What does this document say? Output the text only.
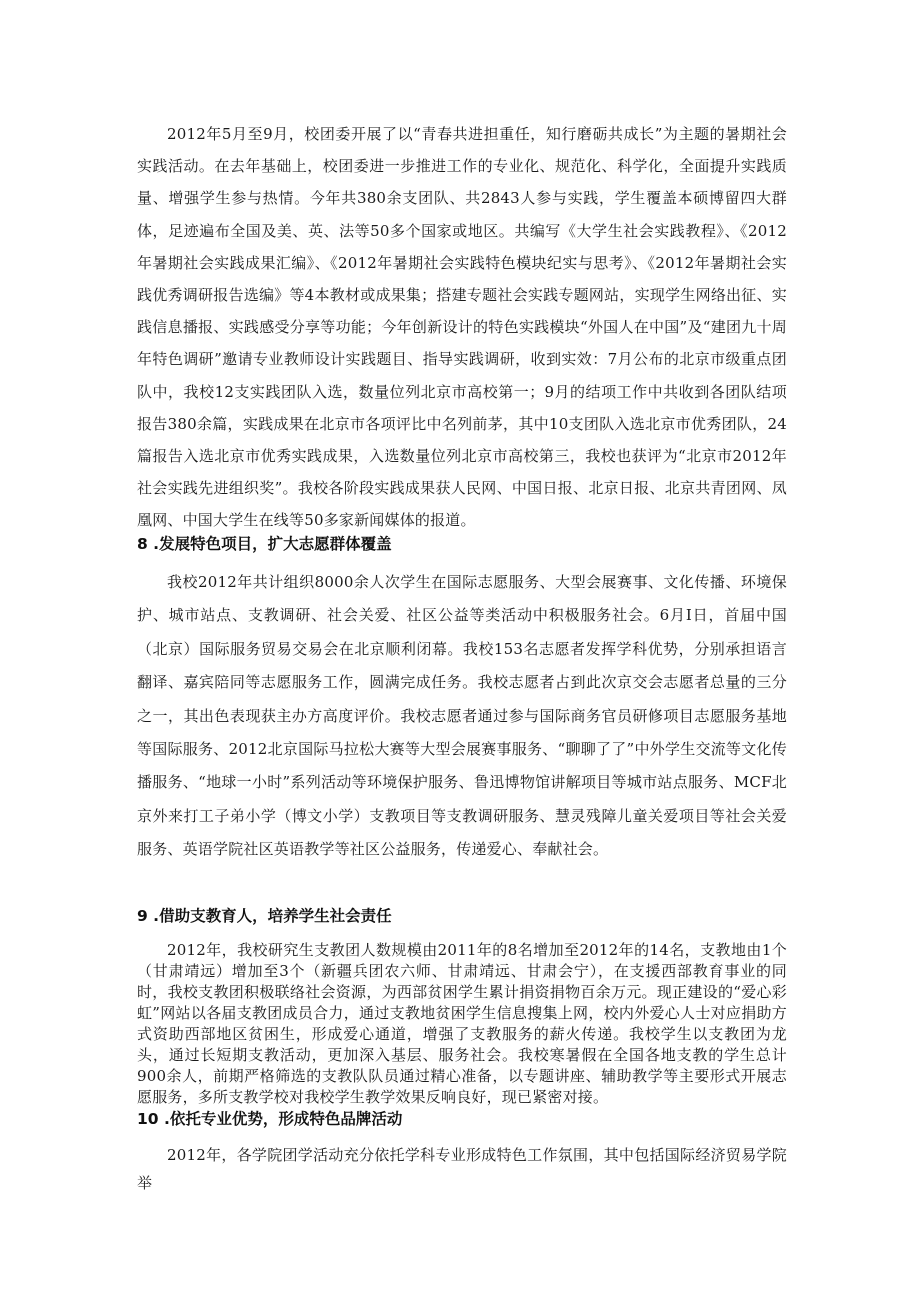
2012年5月至9月，校团委开展了以“青春共进担重任，知行磨砺共成长”为主题的暑期社会实践活动。在去年基础上，校团委进一步推进工作的专业化、规范化、科学化，全面提升实践质量、增强学生参与热情。今年共380余支团队、共2843人参与实践，学生覆盖本硕博留四大群体，足迹遍布全国及美、英、法等50多个国家或地区。共编写《大学生社会实践教程》、《2012年暑期社会实践成果汇编》、《2012年暑期社会实践特色模块纪实与思考》、《2012年暑期社会实践优秀调研报告选编》等4本教材或成果集；搭建专题社会实践专题网站，实现学生网络出征、实践信息播报、实践感受分享等功能；今年创新设计的特色实践模块“外国人在中国”及“建团九十周年特色调研”邀请专业教师设计实践题目、指导实践调研，收到实效：7月公布的北京市级重点团队中，我校12支实践团队入选，数量位列北京市高校第一；9月的结项工作中共收到各团队结项报告380余篇，实践成果在北京市各项评比中名列前茅，其中10支团队入选北京市优秀团队，24篇报告入选北京市优秀实践成果，入选数量位列北京市高校第三，我校也获评为“北京市2012年社会实践先进组织奖”。我校各阶段实践成果获人民网、中国日报、北京日报、北京共青团网、凤凰网、中国大学生在线等50多家新闻媒体的报道。

8 .发展特色项目，扩大志愿群体覆盖

我校2012年共计组织8000余人次学生在国际志愿服务、大型会展赛事、文化传播、环境保护、城市站点、支教调研、社会关爱、社区公益等类活动中积极服务社会。6月I日，首届中国（北京）国际服务贸易交易会在北京顺利闭幕。我校153名志愿者发挥学科优势，分别承担语言翻译、嘉宾陪同等志愿服务工作，圆满完成任务。我校志愿者占到此次京交会志愿者总量的三分之一，其出色表现获主办方高度评价。我校志愿者通过参与国际商务官员研修项目志愿服务基地等国际服务、2012北京国际马拉松大赛等大型会展赛事服务、“聊聊了了”中外学生交流等文化传播服务、“地球一小时”系列活动等环境保护服务、鲁迅博物馆讲解项目等城市站点服务、MCF北京外来打工子弟小学（博文小学）支教项目等支教调研服务、慧灵残障儿童关爱项目等社会关爱服务、英语学院社区英语教学等社区公益服务，传递爱心、奉献社会。

9 .借助支教育人，培养学生社会责任

2012年，我校研究生支教团人数规模由2011年的8名增加至2012年的14名，支教地由1个（甘肃靖远）增加至3个（新疆兵团农六师、甘肃靖远、甘肃会宁），在支援西部教育事业的同时，我校支教团积极联络社会资源，为西部贫困学生累计捐资捐物百余万元。现正建设的“爱心彩虹”网站以各届支教团成员合力，通过支教地贫困学生信息搜集上网，校内外爱心人士对应捐助方式资助西部地区贫困生，形成爱心通道，增强了支教服务的薪火传递。我校学生以支教团为龙头，通过长短期支教活动，更加深入基层、服务社会。我校寒暑假在全国各地支教的学生总计900余人，前期严格筛选的支教队队员通过精心准备，以专题讲座、辅助教学等主要形式开展志愿服务，多所支教学校对我校学生教学效果反响良好，现已紧密对接。

10 .依托专业优势，形成特色品牌活动

2012年，各学院团学活动充分依托学科专业形成特色工作氛围，其中包括国际经济贸易学院举
